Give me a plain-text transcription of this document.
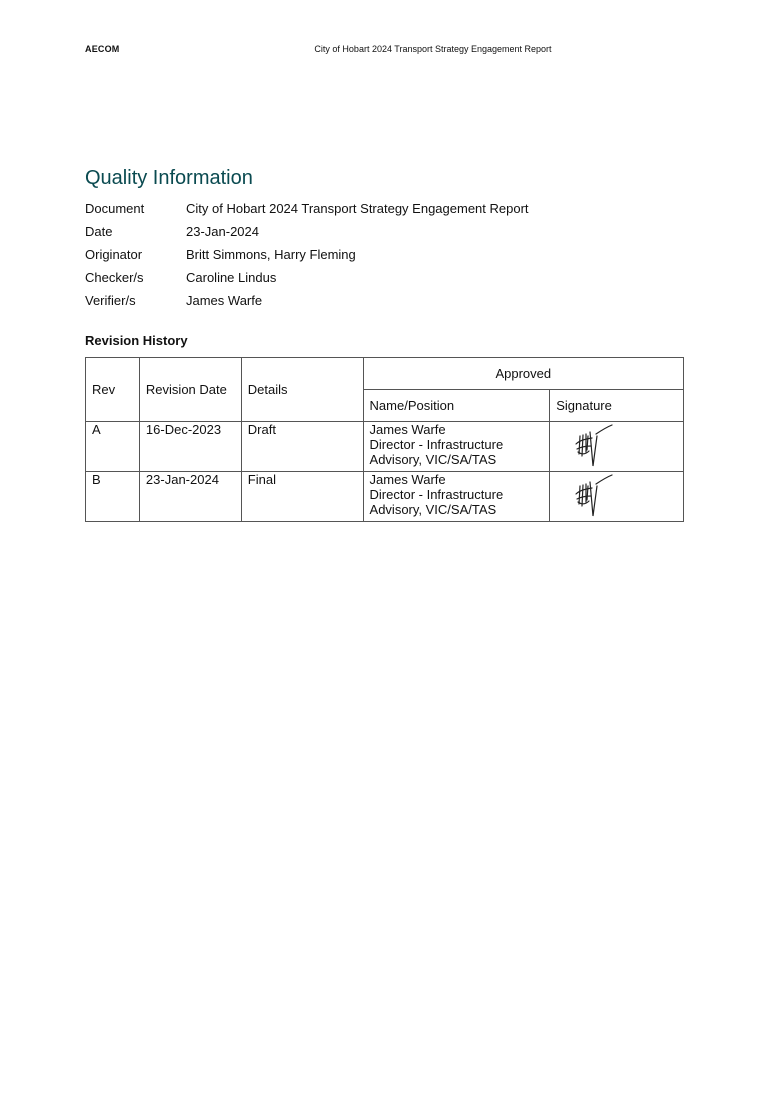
AECOM	City of Hobart 2024 Transport Strategy Engagement Report
Quality Information
Document	City of Hobart 2024 Transport Strategy Engagement Report
Date	23-Jan-2024
Originator	Britt Simmons, Harry Fleming
Checker/s	Caroline Lindus
Verifier/s	James Warfe
Revision History
Rev	Revision Date	Details	Approved	
			Name/Position	Signature
A	16-Dec-2023	Draft	James Warfe
Director - Infrastructure
Advisory, VIC/SA/TAS

B	23-Jan-2024	Final	James Warfe
Director - Infrastructure
Advisory, VIC/SA/TAS
